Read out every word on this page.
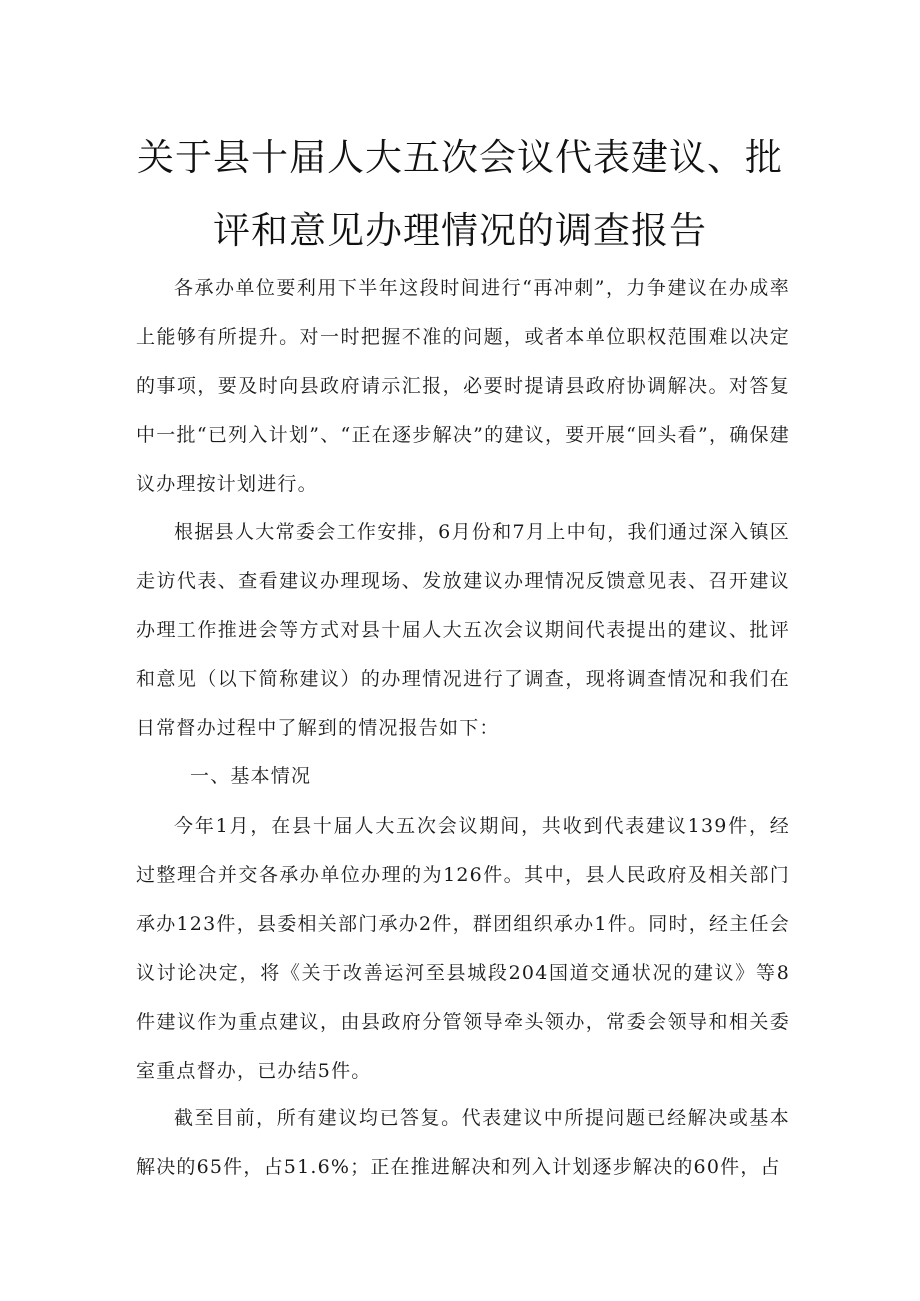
关于县十届人大五次会议代表建议、批
评和意见办理情况的调查报告

各承办单位要利用下半年这段时间进行“再冲刺”，力争建议在办成率上能够有所提升。对一时把握不准的问题，或者本单位职权范围难以决定的事项，要及时向县政府请示汇报，必要时提请县政府协调解决。对答复中一批“已列入计划”、“正在逐步解决”的建议，要开展“回头看”，确保建议办理按计划进行。

根据县人大常委会工作安排，6月份和7月上中旬，我们通过深入镇区走访代表、查看建议办理现场、发放建议办理情况反馈意见表、召开建议办理工作推进会等方式对县十届人大五次会议期间代表提出的建议、批评和意见（以下简称建议）的办理情况进行了调查，现将调查情况和我们在日常督办过程中了解到的情况报告如下：

一、基本情况

今年1月，在县十届人大五次会议期间，共收到代表建议139件，经过整理合并交各承办单位办理的为126件。其中，县人民政府及相关部门承办123件，县委相关部门承办2件，群团组织承办1件。同时，经主任会议讨论决定，将《关于改善运河至县城段204国道交通状况的建议》等8件建议作为重点建议，由县政府分管领导牵头领办，常委会领导和相关委室重点督办，已办结5件。

截至目前，所有建议均已答复。代表建议中所提问题已经解决或基本解决的65件，占51.6%；正在推进解决和列入计划逐步解决的60件，占
